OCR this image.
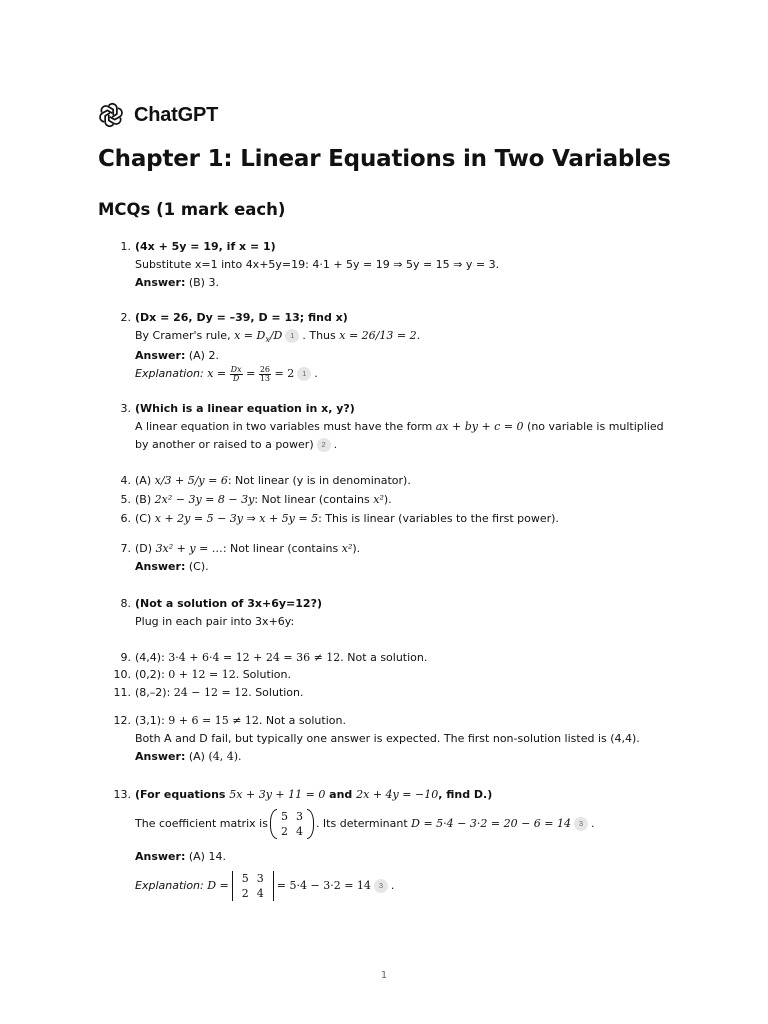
ChatGPT
Chapter 1: Linear Equations in Two Variables
MCQs (1 mark each)
1. (4x + 5y = 19, if x = 1)
Substitute x=1 into 4x+5y=19: 4·1 + 5y = 19 ⇒ 5y = 15 ⇒ y = 3.
Answer: (B) 3.
2. (Dx = 26, Dy = –39, D = 13; find x)
By Cramer's rule, $x = D_x/D$ 1 . Thus x = 26/13 = 2.
Answer: (A) 2.
Explanation: $x = \frac{Dx}{D} = \frac{26}{13} = 2$ 1 .
3. (Which is a linear equation in x, y?)
A linear equation in two variables must have the form ax + by + c = 0 (no variable is multiplied by another or raised to a power) 2 .
4. (A) x/3 + 5/y = 6: Not linear (y is in denominator).
5. (B) 2x² − 3y = 8 − 3y: Not linear (contains x²).
6. (C) x + 2y = 5 − 3y ⇒ x + 5y = 5: This is linear (variables to the first power).
7. (D) 3x² + y = …: Not linear (contains x²).
Answer: (C).
8. (Not a solution of 3x+6y=12?)
Plug in each pair into 3x+6y:
9. (4,4): 3·4 + 6·4 = 12 + 24 = 36 ≠ 12. Not a solution.
10. (0,2): 0 + 12 = 12. Solution.
11. (8,–2): 24 − 12 = 12. Solution.
12. (3,1): 9 + 6 = 15 ≠ 12. Not a solution.
Both A and D fail, but typically one answer is expected. The first non-solution listed is (4,4).
Answer: (A) (4, 4).
13. (For equations 5x + 3y + 11 = 0 and 2x + 4y = −10, find D.)
The coefficient matrix is
5	3
2	4
. Its determinant
D = 5·4 − 3·2 = 20 − 6 = 14	3 .
Answer: (A) 14.
Explanation:
D =
5	3
2	4
= 5·4 − 3·2 = 14	3 .
1
